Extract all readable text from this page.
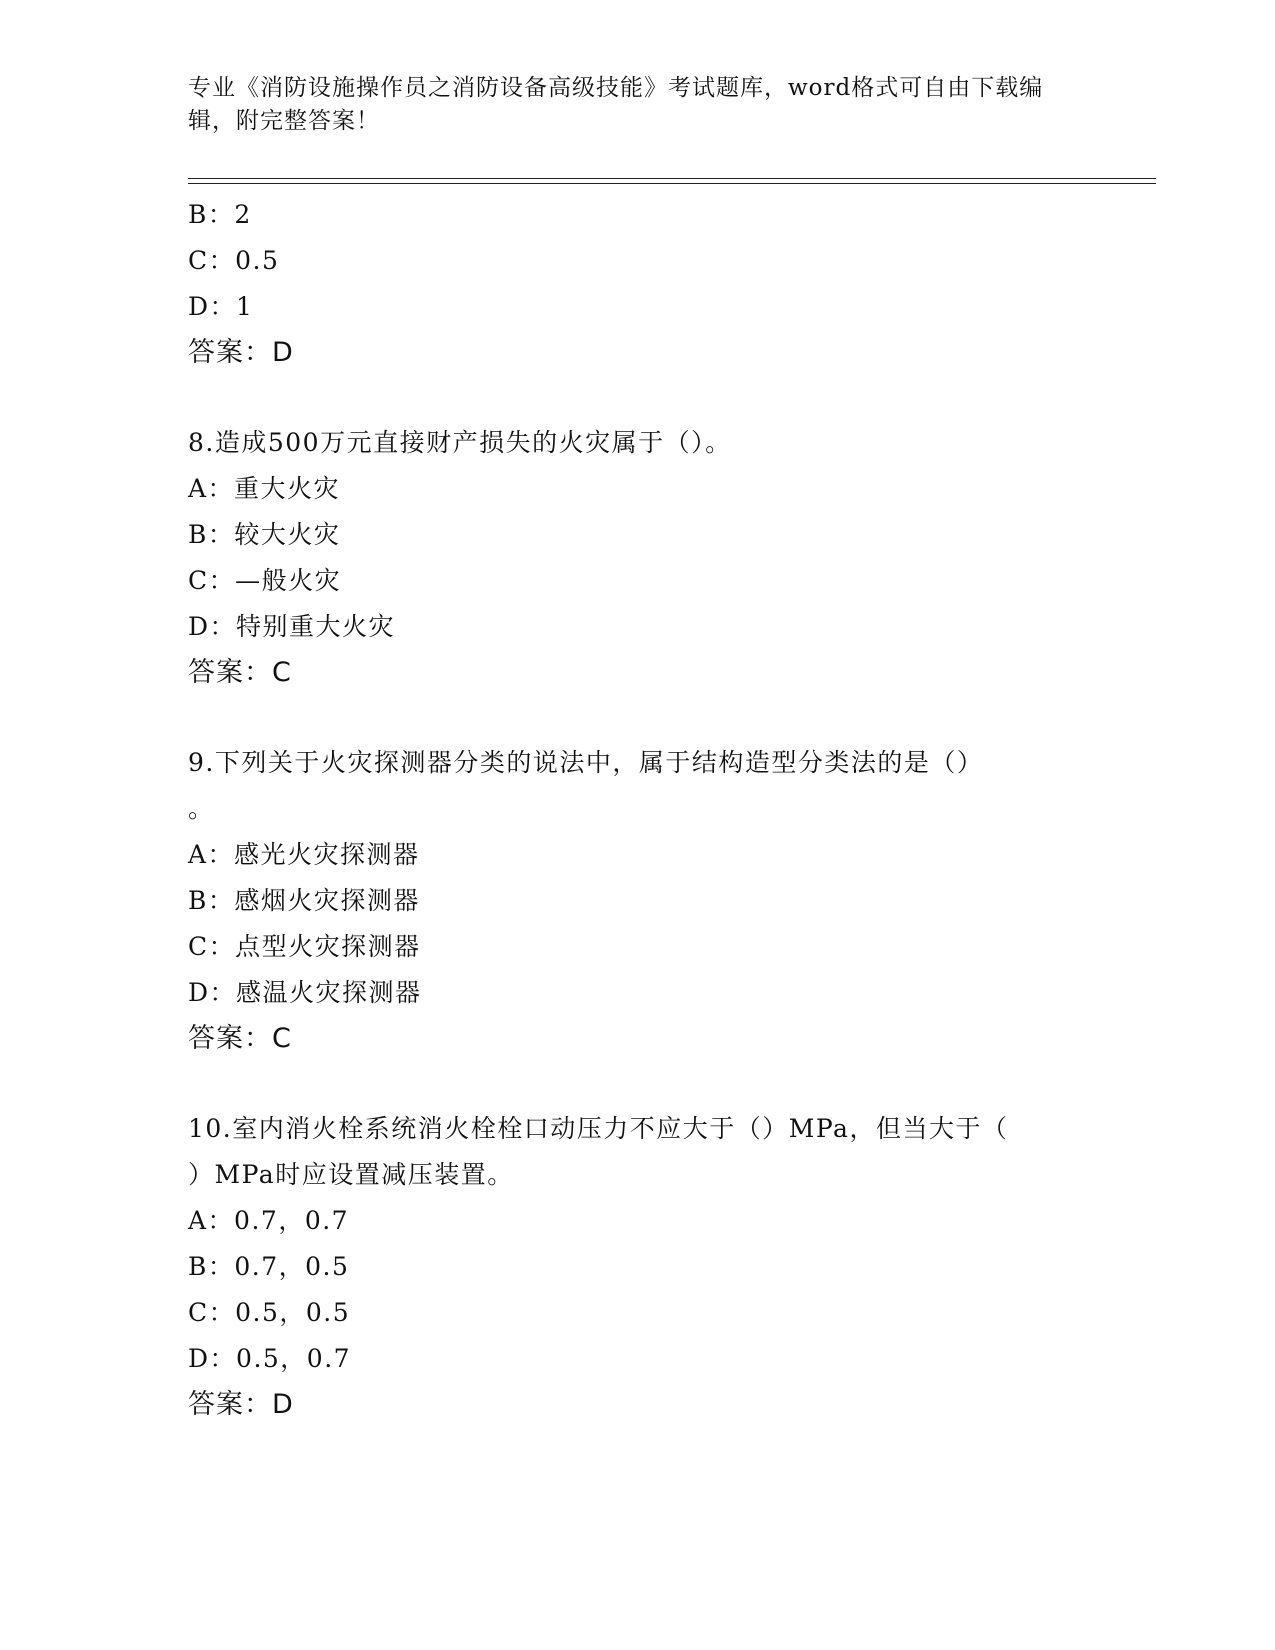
专业《消防设施操作员之消防设备高级技能》考试题库，word格式可自由下载编
辑，附完整答案！
B：2
C：0.5
D：1
答案：D
8.造成500万元直接财产损失的火灾属于（）。
A：重大火灾
B：较大火灾
C：—般火灾
D：特别重大火灾
答案：C
9.下列关于火灾探测器分类的说法中，属于结构造型分类法的是（）
。
A：感光火灾探测器
B：感烟火灾探测器
C：点型火灾探测器
D：感温火灾探测器
答案：C
10.室内消火栓系统消火栓栓口动压力不应大于（）MPa，但当大于（
）MPa时应设置减压装置。
A：0.7，0.7
B：0.7，0.5
C：0.5，0.5
D：0.5，0.7
答案：D
